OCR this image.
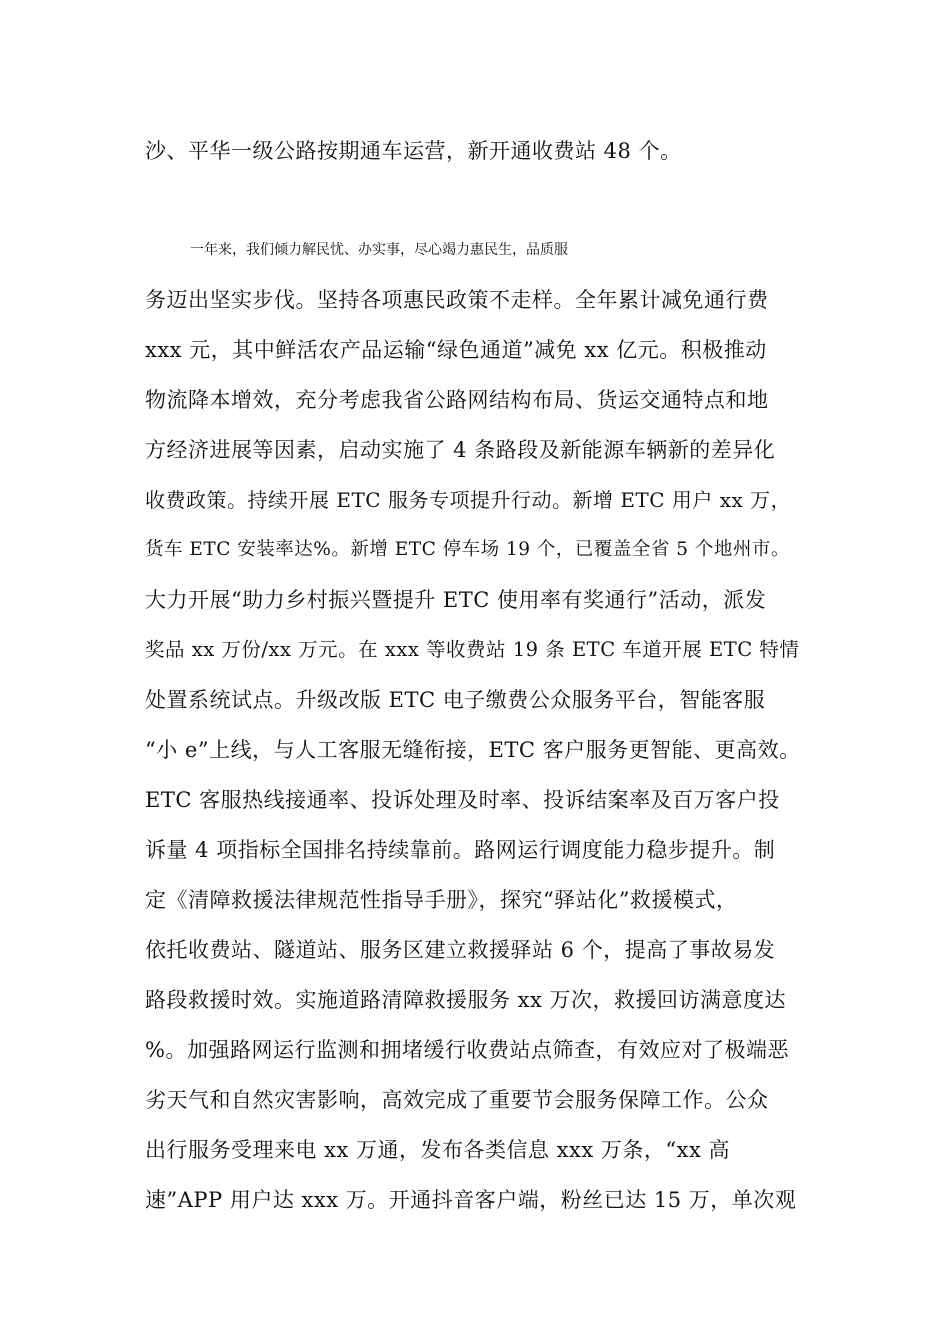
沙、平华一级公路按期通车运营，新开通收费站 48 个。
一年来，我们倾力解民忧、办实事，尽心竭力惠民生，品质服
务迈出坚实步伐。坚持各项惠民政策不走样。全年累计减免通行费
xxx 元，其中鲜活农产品运输“绿色通道”减免 xx 亿元。积极推动
物流降本增效，充分考虑我省公路网结构布局、货运交通特点和地
方经济进展等因素，启动实施了 4 条路段及新能源车辆新的差异化
收费政策。持续开展 ETC 服务专项提升行动。新增 ETC 用户 xx 万，
货车 ETC 安装率达%。新增 ETC 停车场 19 个，已覆盖全省 5 个地州市。
大力开展“助力乡村振兴暨提升 ETC 使用率有奖通行”活动，派发
奖品 xx 万份/xx 万元。在 xxx 等收费站 19 条 ETC 车道开展 ETC 特情
处置系统试点。升级改版 ETC 电子缴费公众服务平台，智能客服
“小 e”上线，与人工客服无缝衔接，ETC 客户服务更智能、更高效。
ETC 客服热线接通率、投诉处理及时率、投诉结案率及百万客户投
诉量 4 项指标全国排名持续靠前。路网运行调度能力稳步提升。制
定《清障救援法律规范性指导手册》，探究“驿站化”救援模式，
依托收费站、隧道站、服务区建立救援驿站 6 个，提高了事故易发
路段救援时效。实施道路清障救援服务 xx 万次，救援回访满意度达
%。加强路网运行监测和拥堵缓行收费站点筛查，有效应对了极端恶
劣天气和自然灾害影响，高效完成了重要节会服务保障工作。公众
出行服务受理来电 xx 万通，发布各类信息 xxx 万条，“xx 高
速”APP 用户达 xxx 万。开通抖音客户端，粉丝已达 15 万，单次观
